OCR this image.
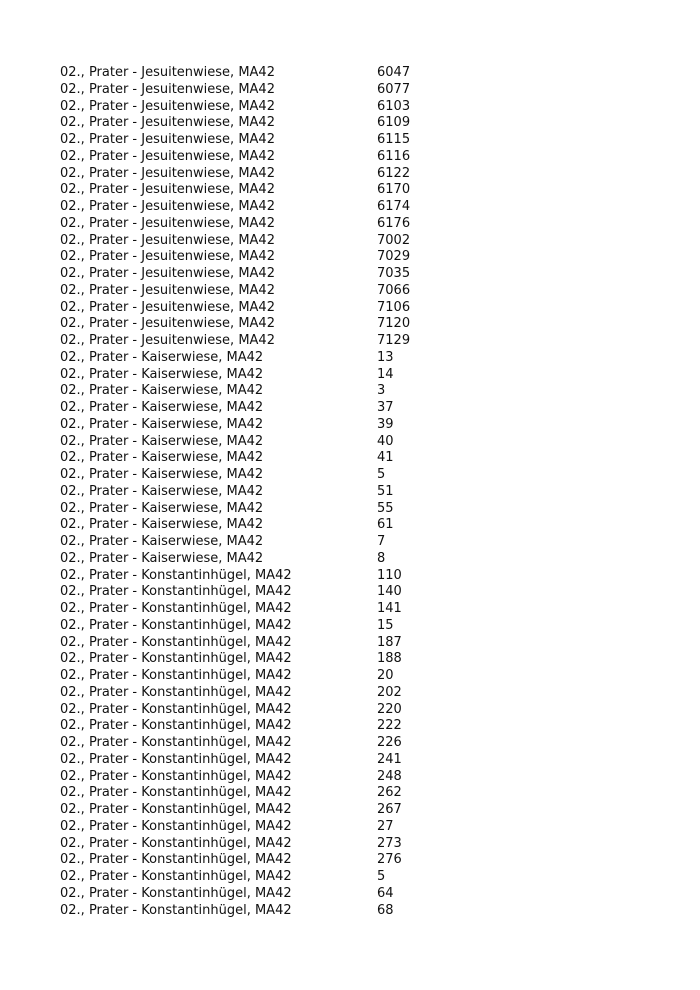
02., Prater - Jesuitenwiese, MA42	6047
02., Prater - Jesuitenwiese, MA42	6077
02., Prater - Jesuitenwiese, MA42	6103
02., Prater - Jesuitenwiese, MA42	6109
02., Prater - Jesuitenwiese, MA42	6115
02., Prater - Jesuitenwiese, MA42	6116
02., Prater - Jesuitenwiese, MA42	6122
02., Prater - Jesuitenwiese, MA42	6170
02., Prater - Jesuitenwiese, MA42	6174
02., Prater - Jesuitenwiese, MA42	6176
02., Prater - Jesuitenwiese, MA42	7002
02., Prater - Jesuitenwiese, MA42	7029
02., Prater - Jesuitenwiese, MA42	7035
02., Prater - Jesuitenwiese, MA42	7066
02., Prater - Jesuitenwiese, MA42	7106
02., Prater - Jesuitenwiese, MA42	7120
02., Prater - Jesuitenwiese, MA42	7129
02., Prater - Kaiserwiese, MA42	13
02., Prater - Kaiserwiese, MA42	14
02., Prater - Kaiserwiese, MA42	3
02., Prater - Kaiserwiese, MA42	37
02., Prater - Kaiserwiese, MA42	39
02., Prater - Kaiserwiese, MA42	40
02., Prater - Kaiserwiese, MA42	41
02., Prater - Kaiserwiese, MA42	5
02., Prater - Kaiserwiese, MA42	51
02., Prater - Kaiserwiese, MA42	55
02., Prater - Kaiserwiese, MA42	61
02., Prater - Kaiserwiese, MA42	7
02., Prater - Kaiserwiese, MA42	8
02., Prater - Konstantinhügel, MA42	110
02., Prater - Konstantinhügel, MA42	140
02., Prater - Konstantinhügel, MA42	141
02., Prater - Konstantinhügel, MA42	15
02., Prater - Konstantinhügel, MA42	187
02., Prater - Konstantinhügel, MA42	188
02., Prater - Konstantinhügel, MA42	20
02., Prater - Konstantinhügel, MA42	202
02., Prater - Konstantinhügel, MA42	220
02., Prater - Konstantinhügel, MA42	222
02., Prater - Konstantinhügel, MA42	226
02., Prater - Konstantinhügel, MA42	241
02., Prater - Konstantinhügel, MA42	248
02., Prater - Konstantinhügel, MA42	262
02., Prater - Konstantinhügel, MA42	267
02., Prater - Konstantinhügel, MA42	27
02., Prater - Konstantinhügel, MA42	273
02., Prater - Konstantinhügel, MA42	276
02., Prater - Konstantinhügel, MA42	5
02., Prater - Konstantinhügel, MA42	64
02., Prater - Konstantinhügel, MA42	68
